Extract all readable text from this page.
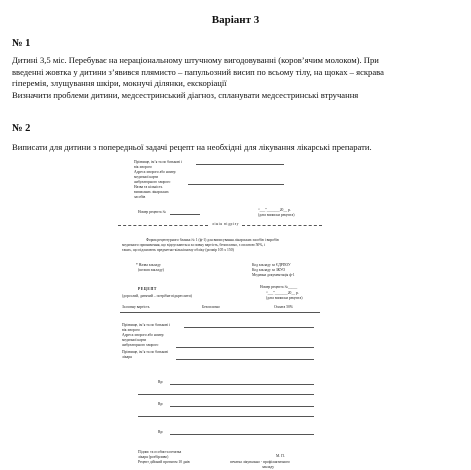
Варіант 3
№ 1

Дитині 3,5 міс. Перебуває на нераціональному штучному вигодовуванні (коров’ячим молоком). При

введенні жовтка у дитини з’явився плямисто – папульозний висип по всьому тілу, на щоках – яскрава

гіперемія, злущування шкіри, мокнучі ділянки, екскоріації

Визначити проблеми дитини, медсестринський діагноз, спланувати медсестринські втручання

№ 2

Виписати для дитини з попередньої задачі рецепт на необхідні для лікування лікарські препарати.

Прізвище, ім’я та по батькові і
вік хворого
Адреса хворого або номер
медичної карти
амбулаторного хворого
Назва та кількість
виписаних лікарських
засобів
Номер рецепта №	“___”_______20__ р.
(дата виписки рецепта)
лінія відрізу
Форма рецептурного бланка № 1 (ф-1) для виписування лікарських засобів і виробів
медичного призначення, що відпускаються за повну вартість, безоплатно, з оплатою 50%, і
таких, що підлягають предметно-кількісному обліку (розмір 105 x 150)
* Назва закладу
(штамп закладу)
Код закладу за ЄДРПОУ
Код закладу за ЗКУО
Медична документація ф-1
Номер рецепта №_____
“___”_______20__ р.
(дата виписки рецепта)
РЕЦЕПТ
(дорослий, дитячий – потрібне підкреслити)
За повну вартість	Безоплатно	Оплата 50%
Прізвище, ім’я та по батькові і
вік хворого
Адреса хворого або номер
медичної карти
амбулаторного хворого
Прізвище, ім’я та по батькові
лікаря
Rp:
Rp:
Rp:
Підпис та особиста печатка
лікаря (розбірливо)	М. П.
Рецепт дійсний протягом 10 днів	печатка лікувально - профілактичного
закладу
